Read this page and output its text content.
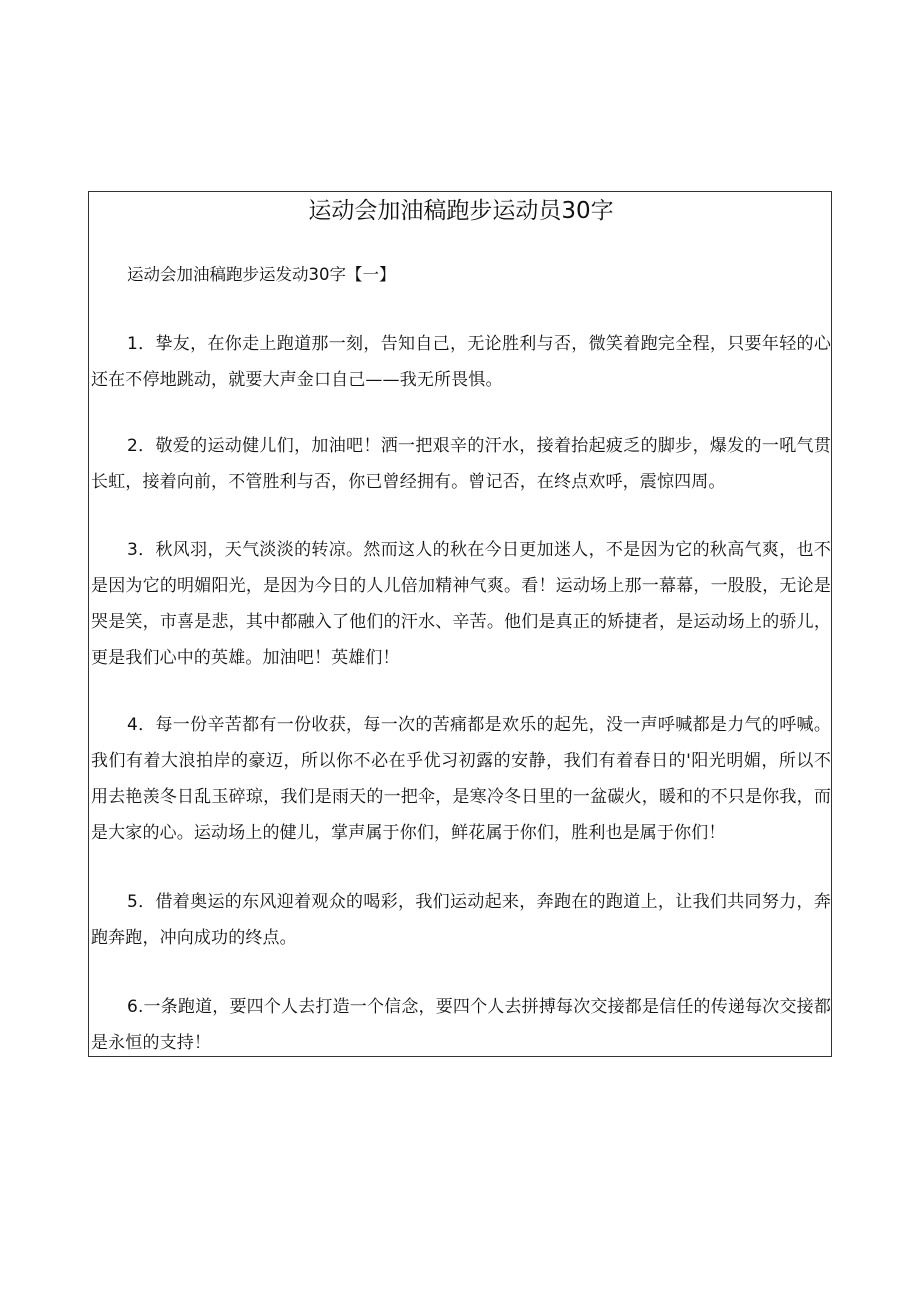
运动会加油稿跑步运动员30字
运动会加油稿跑步运发动30字【一】

1．挚友，在你走上跑道那一刻，告知自己，无论胜利与否，微笑着跑完全程，只要年轻的心还在不停地跳动，就要大声金口自己——我无所畏惧。

2．敬爱的运动健儿们，加油吧！洒一把艰辛的汗水，接着抬起疲乏的脚步，爆发的一吼气贯长虹，接着向前，不管胜利与否，你已曾经拥有。曾记否，在终点欢呼，震惊四周。

3．秋风羽，天气淡淡的转凉。然而这人的秋在今日更加迷人，不是因为它的秋高气爽，也不是因为它的明媚阳光，是因为今日的人儿倍加精神气爽。看！运动场上那一幕幕，一股股，无论是哭是笑，市喜是悲，其中都融入了他们的汗水、辛苦。他们是真正的矫捷者，是运动场上的骄儿，更是我们心中的英雄。加油吧！英雄们！

4．每一份辛苦都有一份收获，每一次的苦痛都是欢乐的起先，没一声呼喊都是力气的呼喊。我们有着大浪拍岸的豪迈，所以你不必在乎优习初露的安静，我们有着春日的'阳光明媚，所以不用去艳羡冬日乱玉碎琼，我们是雨天的一把伞，是寒冷冬日里的一盆碳火，暖和的不只是你我，而是大家的心。运动场上的健儿，掌声属于你们，鲜花属于你们，胜利也是属于你们！

5．借着奥运的东风迎着观众的喝彩，我们运动起来，奔跑在的跑道上，让我们共同努力，奔跑奔跑，冲向成功的终点。

6.一条跑道，要四个人去打造一个信念，要四个人去拼搏每次交接都是信任的传递每次交接都是永恒的支持！
